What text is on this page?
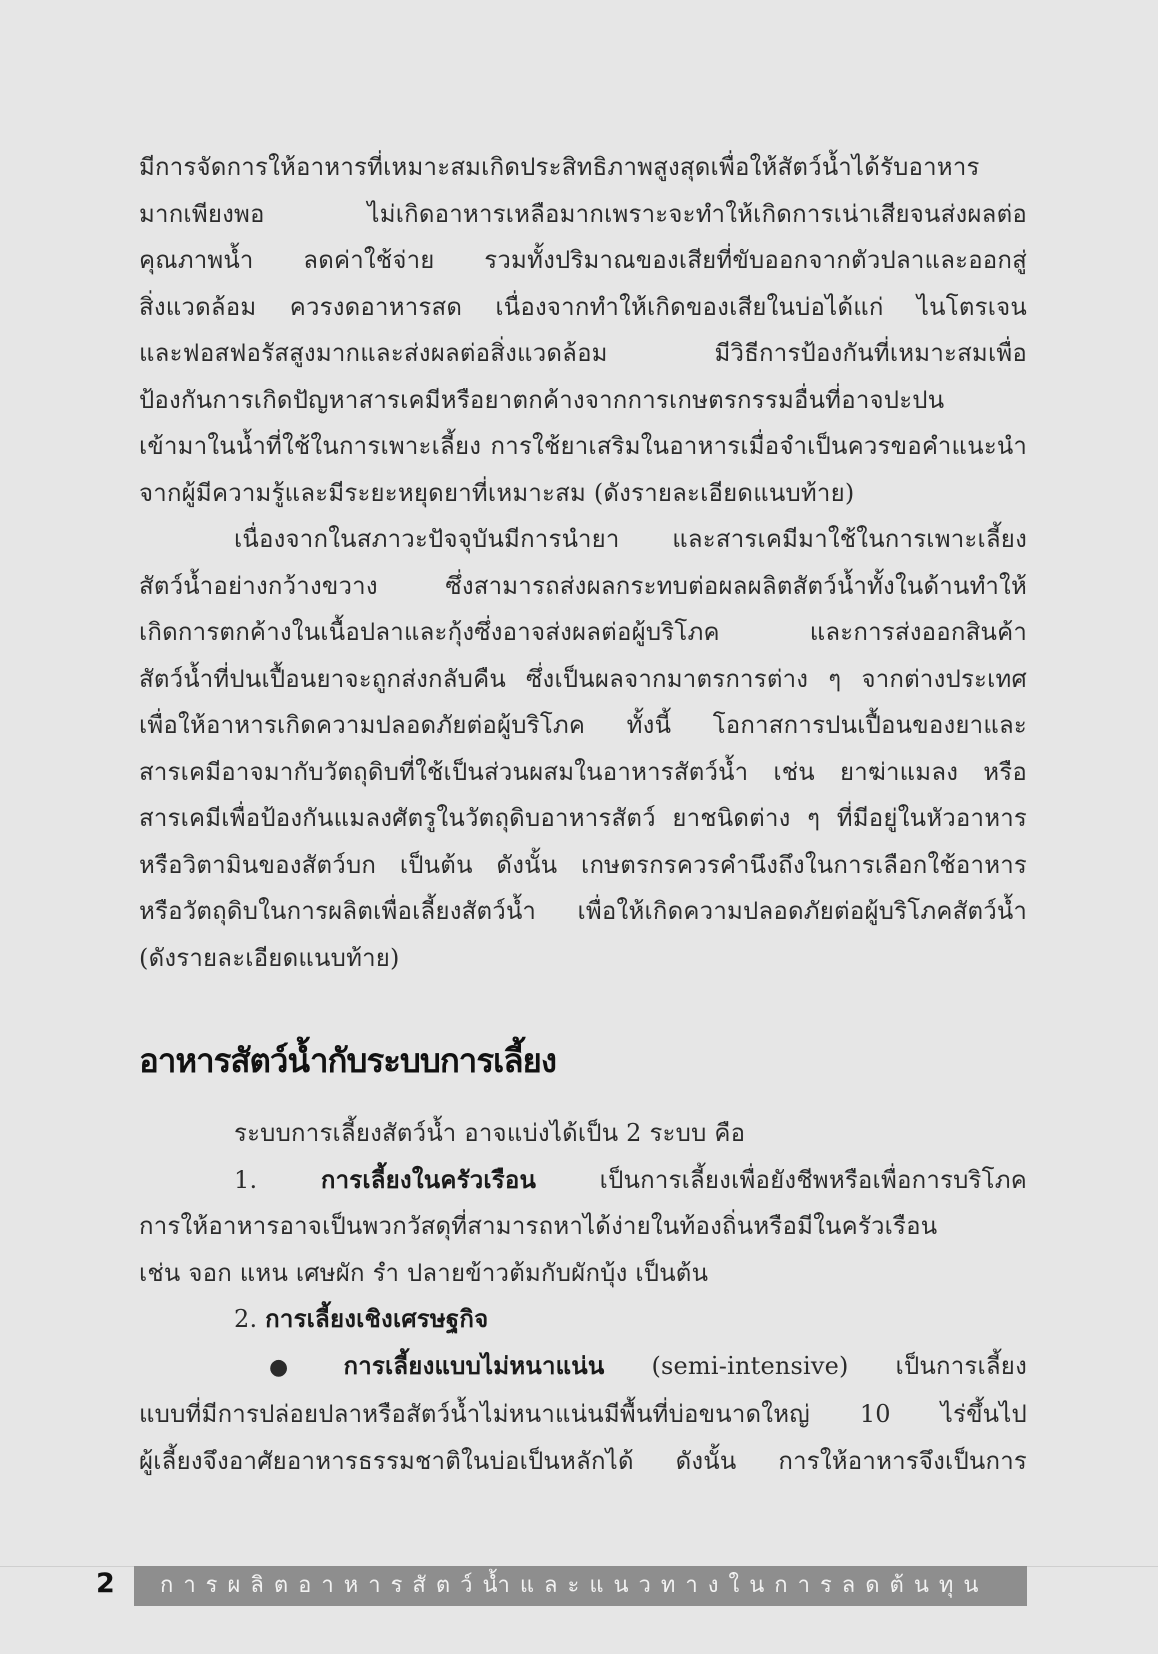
มีการจัดการให้อาหารที่เหมาะสมเกิดประสิทธิภาพสูงสุดเพื่อให้สัตว์น้ำได้รับอาหาร
มากเพียงพอ ไม่เกิดอาหารเหลือมากเพราะจะทำให้เกิดการเน่าเสียจนส่งผลต่อ
คุณภาพน้ำ ลดค่าใช้จ่าย รวมทั้งปริมาณของเสียที่ขับออกจากตัวปลาและออกสู่
สิ่งแวดล้อม ควรงดอาหารสด เนื่องจากทำให้เกิดของเสียในบ่อได้แก่ ไนโตรเจน
และฟอสฟอรัสสูงมากและส่งผลต่อสิ่งแวดล้อม มีวิธีการป้องกันที่เหมาะสมเพื่อ
ป้องกันการเกิดปัญหาสารเคมีหรือยาตกค้างจากการเกษตรกรรมอื่นที่อาจปะปน
เข้ามาในน้ำที่ใช้ในการเพาะเลี้ยง การใช้ยาเสริมในอาหารเมื่อจำเป็นควรขอคำแนะนำ
จากผู้มีความรู้และมีระยะหยุดยาที่เหมาะสม (ดังรายละเอียดแนบท้าย)

เนื่องจากในสภาวะปัจจุบันมีการนำยา และสารเคมีมาใช้ในการเพาะเลี้ยง
สัตว์น้ำอย่างกว้างขวาง ซึ่งสามารถส่งผลกระทบต่อผลผลิตสัตว์น้ำทั้งในด้านทำให้
เกิดการตกค้างในเนื้อปลาและกุ้งซึ่งอาจส่งผลต่อผู้บริโภค และการส่งออกสินค้า
สัตว์น้ำที่ปนเปื้อนยาจะถูกส่งกลับคืน ซึ่งเป็นผลจากมาตรการต่าง ๆ จากต่างประเทศ
เพื่อให้อาหารเกิดความปลอดภัยต่อผู้บริโภค ทั้งนี้ โอกาสการปนเปื้อนของยาและ
สารเคมีอาจมากับวัตถุดิบที่ใช้เป็นส่วนผสมในอาหารสัตว์น้ำ เช่น ยาฆ่าแมลง หรือ
สารเคมีเพื่อป้องกันแมลงศัตรูในวัตถุดิบอาหารสัตว์ ยาชนิดต่าง ๆ ที่มีอยู่ในหัวอาหาร
หรือวิตามินของสัตว์บก เป็นต้น ดังนั้น เกษตรกรควรคำนึงถึงในการเลือกใช้อาหาร
หรือวัตถุดิบในการผลิตเพื่อเลี้ยงสัตว์น้ำ เพื่อให้เกิดความปลอดภัยต่อผู้บริโภคสัตว์น้ำ
(ดังรายละเอียดแนบท้าย)

อาหารสัตว์น้ำกับระบบการเลี้ยง

ระบบการเลี้ยงสัตว์น้ำ อาจแบ่งได้เป็น 2 ระบบ คือ
1.	การเลี้ยงในครัวเรือน เป็นการเลี้ยงเพื่อยังชีพหรือเพื่อการบริโภค
การให้อาหารอาจเป็นพวกวัสดุที่สามารถหาได้ง่ายในท้องถิ่นหรือมีในครัวเรือน
เช่น จอก แหน เศษผัก รำ ปลายข้าวต้มกับผักบุ้ง เป็นต้น
2. การเลี้ยงเชิงเศรษฐกิจ
● การเลี้ยงแบบไม่หนาแน่น (semi-intensive) เป็นการเลี้ยง
แบบที่มีการปล่อยปลาหรือสัตว์น้ำไม่หนาแน่นมีพื้นที่บ่อขนาดใหญ่ 10 ไร่ขึ้นไป
ผู้เลี้ยงจึงอาศัยอาหารธรรมชาติในบ่อเป็นหลักได้ ดังนั้น การให้อาหารจึงเป็นการ

2	การผลิตอาหารสัตว์น้ำและแนวทางในการลดต้นทุน
